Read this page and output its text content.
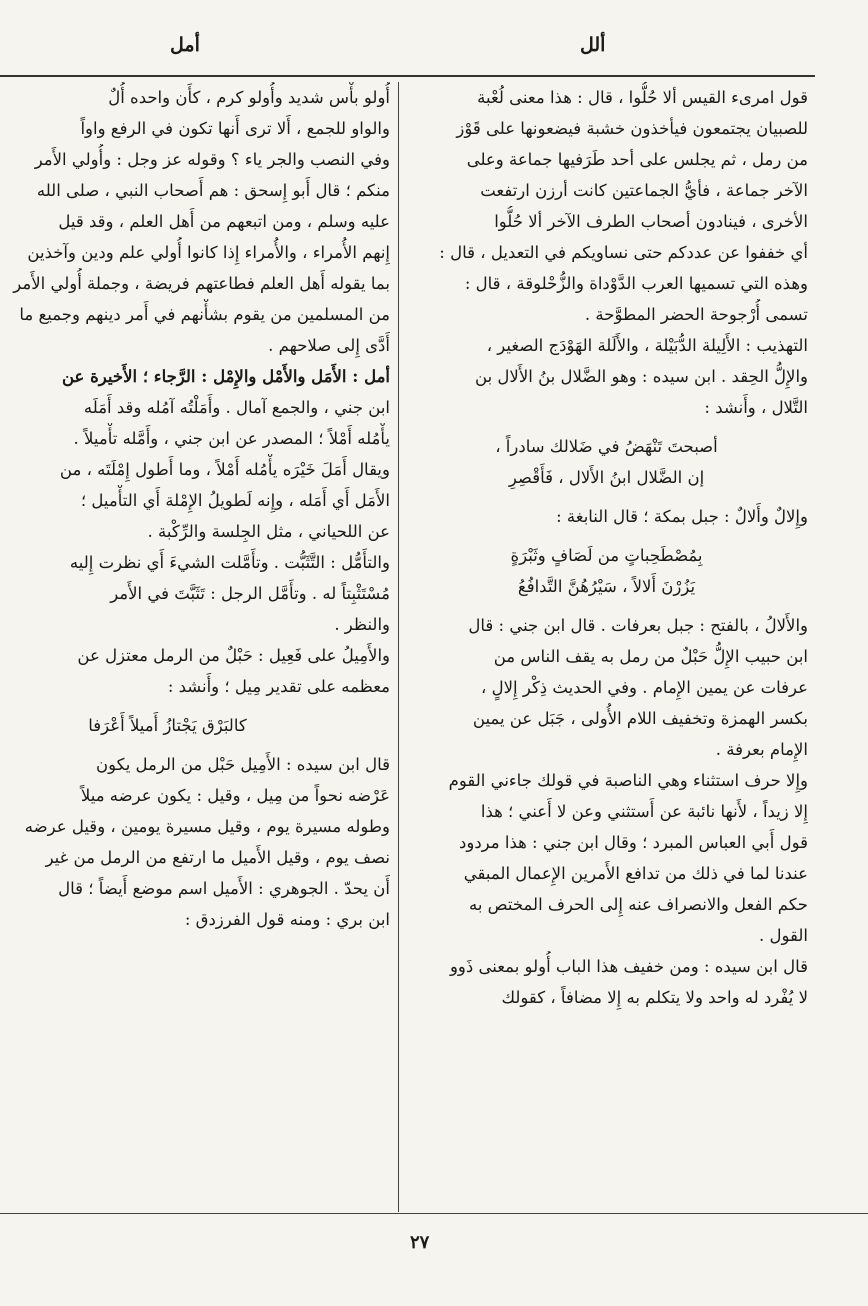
ألل
أمل

قول امرىء القيس ألا حُلُّوا ، قال : هذا معنى لُعْبة

للصبيان يجتمعون فيأخذون خشبة فيضعونها على قَوْز

من رمل ، ثم يجلس على أحد طَرَفيها جماعة وعلى

الآخر جماعة ، فأيُّ الجماعتين كانت أرزن ارتفعت

الأخرى ، فينادون أصحاب الطرف الآخر ألا حُلُّوا

أي خففوا عن عددكم حتى نساويكم في التعديل ، قال :

وهذه التي تسميها العرب الدَّوْداة والزُّحْلوقة ، قال :

تسمى أُرْجوحة الحضر المطوَّحة .

التهذيب : الأَلِيلة الدُّبَيْلة ، والأَلَلة الهَوْدَج الصغير ،

والإِلُّ الحِقد . ابن سيده : وهو الضَّلال بنُ الأَلال بن

التَّلال ، وأَنشد :

أصبحتَ تَنْهَضُ في ضَلالك سادراً ،

إن الضَّلال ابنُ الأَلال ، فَأَقْصِرِ

وإِلالٌ وأَلالٌ : جبل بمكة ؛ قال النابغة :

بِمُصْطَحِباتٍ من لَصَافٍ وثَبْرَةٍ

يَزُرْنَ أَلالاً ، سَيْرُهُنَّ التَّدافُعُ

والأَلالُ ، بالفتح : جبل بعرفات . قال ابن جني : قال

ابن حبيب الإِلُّ حَبْلٌ من رمل به يقف الناس من

عرفات عن يمين الإِمام . وفي الحديث ذِكْر إِلالٍ ،

بكسر الهمزة وتخفيف اللام الأُولى ، جَبَل عن يمين

الإِمام بعرفة .

وإِلا حرف استثناء وهي الناصبة في قولك جاءني القوم

إِلا زيداً ، لأَنها نائبة عن أَستثني وعن لا أَعني ؛ هذا

قول أَبي العباس المبرد ؛ وقال ابن جني : هذا مردود

عندنا لما في ذلك من تدافع الأَمرين الإِعمال المبقي

حكم الفعل والانصراف عنه إِلى الحرف المختص به

القول .

قال ابن سيده : ومن خفيف هذا الباب أُولو بمعنى ذَوو

لا يُفْرد له واحد ولا يتكلم به إِلا مضافاً ، كقولك

أُولو بأْس شديد وأُولو كرم ، كأَن واحده أُلٌ

والواو للجمع ، أَلا ترى أَنها تكون في الرفع واواً

وفي النصب والجر ياء ؟ وقوله عز وجل : وأُولي الأَمر

منكم ؛ قال أَبو إِسحق : هم أَصحاب النبي ، صلى الله

عليه وسلم ، ومن اتبعهم من أَهل العلم ، وقد قيل

إِنهم الأُمراء ، والأُمراء إِذا كانوا أُولي علم ودين وآخذين

بما يقوله أَهل العلم فطاعتهم فريضة ، وجملة أُولي الأَمر

من المسلمين من يقوم بشأْنهم في أَمر دينهم وجميع ما

أَدَّى إِلى صلاحهم .

أمل : الأَمَل والأَمْل والإِمْل : الرَّجاء ؛ الأَخيرة عن

ابن جني ، والجمع آمال . وأَمَلْتُه آمُله وقد أَمَلَه

يأْمُله أَمْلاً ؛ المصدر عن ابن جني ، وأَمَّله تأْميلاً .

ويقال أَمَلَ خَيْرَه يأْمُله أَمْلاً ، وما أَطول إِمْلَتَه ، من

الأَمَل أَي أَمَله ، وإِنه لَطويلُ الإِمْلة أَي التأْميل ؛

عن اللحياني ، مثل الجِلسة والرِّكْبة .

والتأَمُّل : التَّثَبُّت . وتأَمَّلت الشيءَ أَي نظرت إِليه

مُسْتَثْبِتاً له . وتأَمَّل الرجل : تَثَبَّتَ في الأَمر

والنظر .

والأَمِيلُ على فَعِيل : حَبْلٌ من الرمل معتزل عن

معظمه على تقدير مِيل ؛ وأَنشد :

كالبَرْق يَجْتازُ أَميلاً أَعْرَفا

قال ابن سيده : الأَمِيل حَبْل من الرمل يكون

عَرْضه نحواً من مِيل ، وقيل : يكون عرضه ميلاً

وطوله مسيرة يوم ، وقيل مسيرة يومين ، وقيل عرضه

نصف يوم ، وقيل الأَميل ما ارتفع من الرمل من غير

أَن يحدّ . الجوهري : الأَميل اسم موضع أَيضاً ؛ قال

ابن بري : ومنه قول الفرزدق :

٢٧
